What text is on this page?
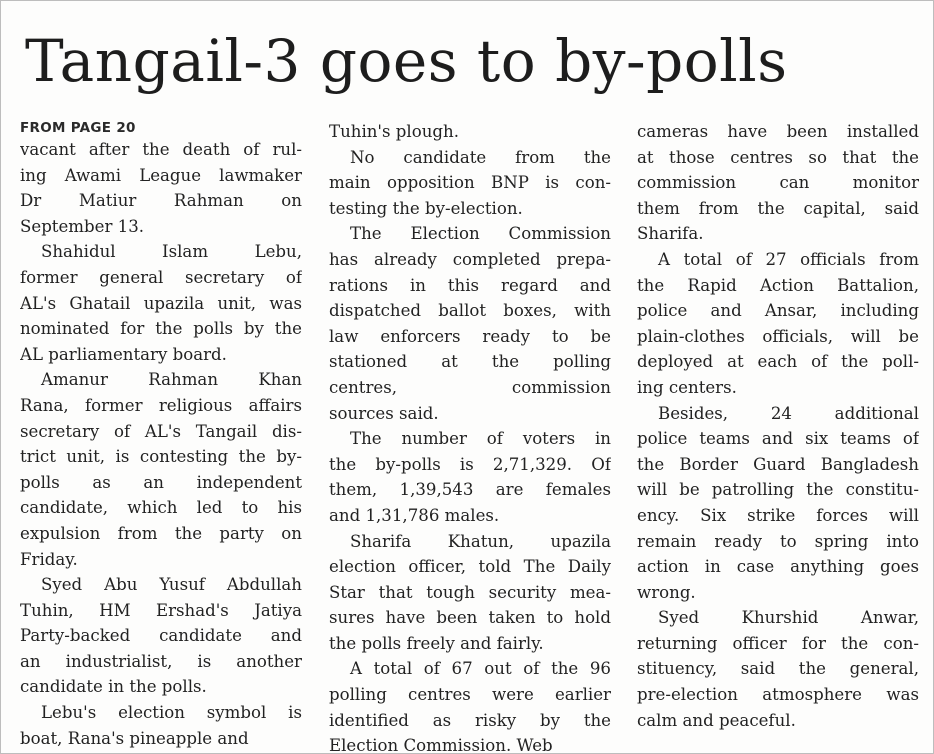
Tangail-3 goes to by-polls
FROM PAGE 20
vacant after the death of rul-
ing Awami League lawmaker
Dr Matiur Rahman on
September 13.
Shahidul Islam Lebu,
former general secretary of
AL's Ghatail upazila unit, was
nominated for the polls by the
AL parliamentary board.
Amanur Rahman Khan
Rana, former religious affairs
secretary of AL's Tangail dis-
trict unit, is contesting the by-
polls as an independent
candidate, which led to his
expulsion from the party on
Friday.
Syed Abu Yusuf Abdullah
Tuhin, HM Ershad's Jatiya
Party-backed candidate and
an industrialist, is another
candidate in the polls.
Lebu's election symbol is
boat, Rana's pineapple and
Tuhin's plough.
No candidate from the
main opposition BNP is con-
testing the by-election.
The Election Commission
has already completed prepa-
rations in this regard and
dispatched ballot boxes, with
law enforcers ready to be
stationed at the polling
centres, commission
sources said.
The number of voters in
the by-polls is 2,71,329. Of
them, 1,39,543 are females
and 1,31,786 males.
Sharifa Khatun, upazila
election officer, told The Daily
Star that tough security mea-
sures have been taken to hold
the polls freely and fairly.
A total of 67 out of the 96
polling centres were earlier
identified as risky by the
Election Commission. Web
cameras have been installed
at those centres so that the
commission can monitor
them from the capital, said
Sharifa.
A total of 27 officials from
the Rapid Action Battalion,
police and Ansar, including
plain-clothes officials, will be
deployed at each of the poll-
ing centers.
Besides, 24 additional
police teams and six teams of
the Border Guard Bangladesh
will be patrolling the constitu-
ency. Six strike forces will
remain ready to spring into
action in case anything goes
wrong.
Syed Khurshid Anwar,
returning officer for the con-
stituency, said the general,
pre-election atmosphere was
calm and peaceful.
